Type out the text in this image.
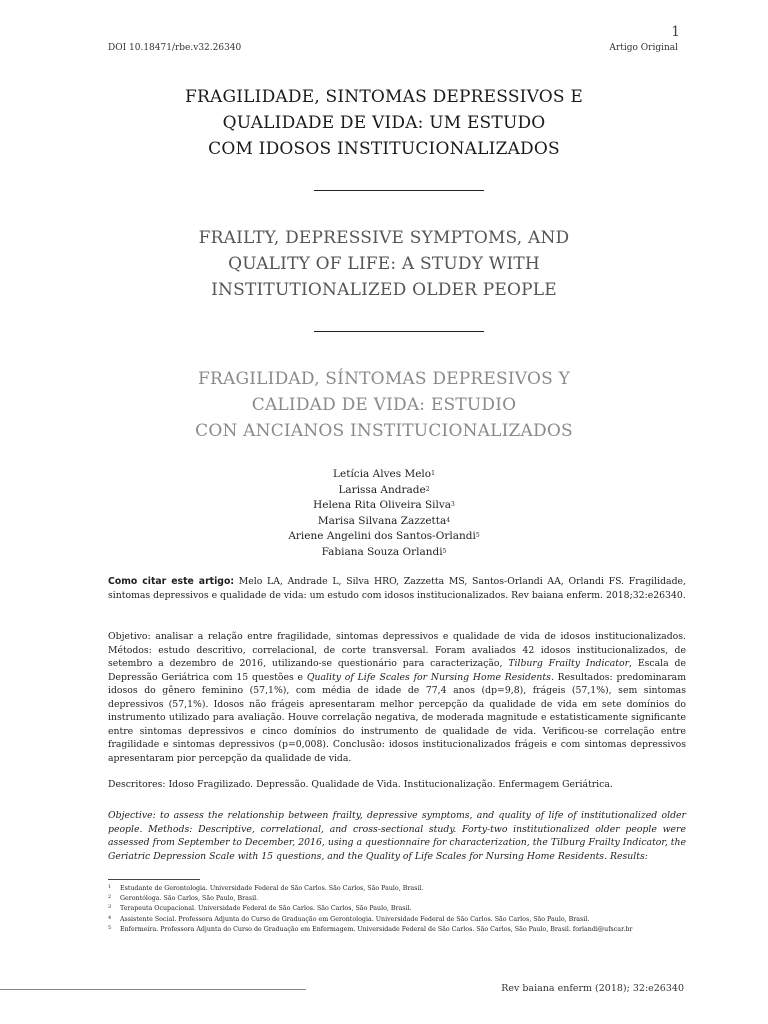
1
DOI 10.18471/rbe.v32.26340	Artigo Original
FRAGILIDADE, SINTOMAS DEPRESSIVOS E
QUALIDADE DE VIDA: UM ESTUDO
COM IDOSOS INSTITUCIONALIZADOS
FRAILTY, DEPRESSIVE SYMPTOMS, AND
QUALITY OF LIFE: A STUDY WITH
INSTITUTIONALIZED OLDER PEOPLE
FRAGILIDAD, SÍNTOMAS DEPRESIVOS Y
CALIDAD DE VIDA: ESTUDIO
CON ANCIANOS INSTITUCIONALIZADOS
Letícia Alves Melo$^1$
Larissa Andrade$^2$
Helena Rita Oliveira Silva$^3$
Marisa Silvana Zazzetta$^4$
Ariene Angelini dos Santos-Orlandi$^5$
Fabiana Souza Orlandi$^5$
Como citar este artigo: Melo LA, Andrade L, Silva HRO, Zazzetta MS, Santos-Orlandi AA, Orlandi FS. Fragilidade, sintomas depressivos e qualidade de vida: um estudo com idosos institucionalizados. Rev baiana enferm. 2018;32:e26340.
Objetivo: analisar a relação entre fragilidade, sintomas depressivos e qualidade de vida de idosos institucionalizados. Métodos: estudo descritivo, correlacional, de corte transversal. Foram avaliados 42 idosos institucionalizados, de setembro a dezembro de 2016, utilizando-se questionário para caracterização, Tilburg Frailty Indicator, Escala de Depressão Geriátrica com 15 questões e Quality of Life Scales for Nursing Home Residents. Resultados: predominaram idosos do gênero feminino (57,1%), com média de idade de 77,4 anos (dp=9,8), frágeis (57,1%), sem sintomas depressivos (57,1%). Idosos não frágeis apresentaram melhor percepção da qualidade de vida em sete domínios do instrumento utilizado para avaliação. Houve correlação negativa, de moderada magnitude e estatisticamente significante entre sintomas depressivos e cinco domínios do instrumento de qualidade de vida. Verificou-se correlação entre fragilidade e sintomas depressivos (p=0,008). Conclusão: idosos institucionalizados frágeis e com sintomas depressivos apresentaram pior percepção da qualidade de vida.
Descritores: Idoso Fragilizado. Depressão. Qualidade de Vida. Institucionalização. Enfermagem Geriátrica.
Objective: to assess the relationship between frailty, depressive symptoms, and quality of life of institutionalized older people. Methods: Descriptive, correlational, and cross-sectional study. Forty-two institutionalized older people were assessed from September to December, 2016, using a questionnaire for characterization, the Tilburg Frailty Indicator, the Geriatric Depression Scale with 15 questions, and the Quality of Life Scales for Nursing Home Residents. Results:
1 Estudante de Gerontologia. Universidade Federal de São Carlos. São Carlos, São Paulo, Brasil.
2 Gerontóloga. São Carlos, São Paulo, Brasil.
3 Terapeuta Ocupacional. Universidade Federal de São Carlos. São Carlos, São Paulo, Brasil.
4 Assistente Social. Professora Adjunta do Curso de Graduação em Gerontologia. Universidade Federal de São Carlos. São Carlos, São Paulo, Brasil.
5 Enfermeira. Professora Adjunta do Curso de Graduação em Enfermagem. Universidade Federal de São Carlos. São Carlos, São Paulo, Brasil. forlandi@ufscar.br
Rev baiana enferm (2018); 32:e26340
